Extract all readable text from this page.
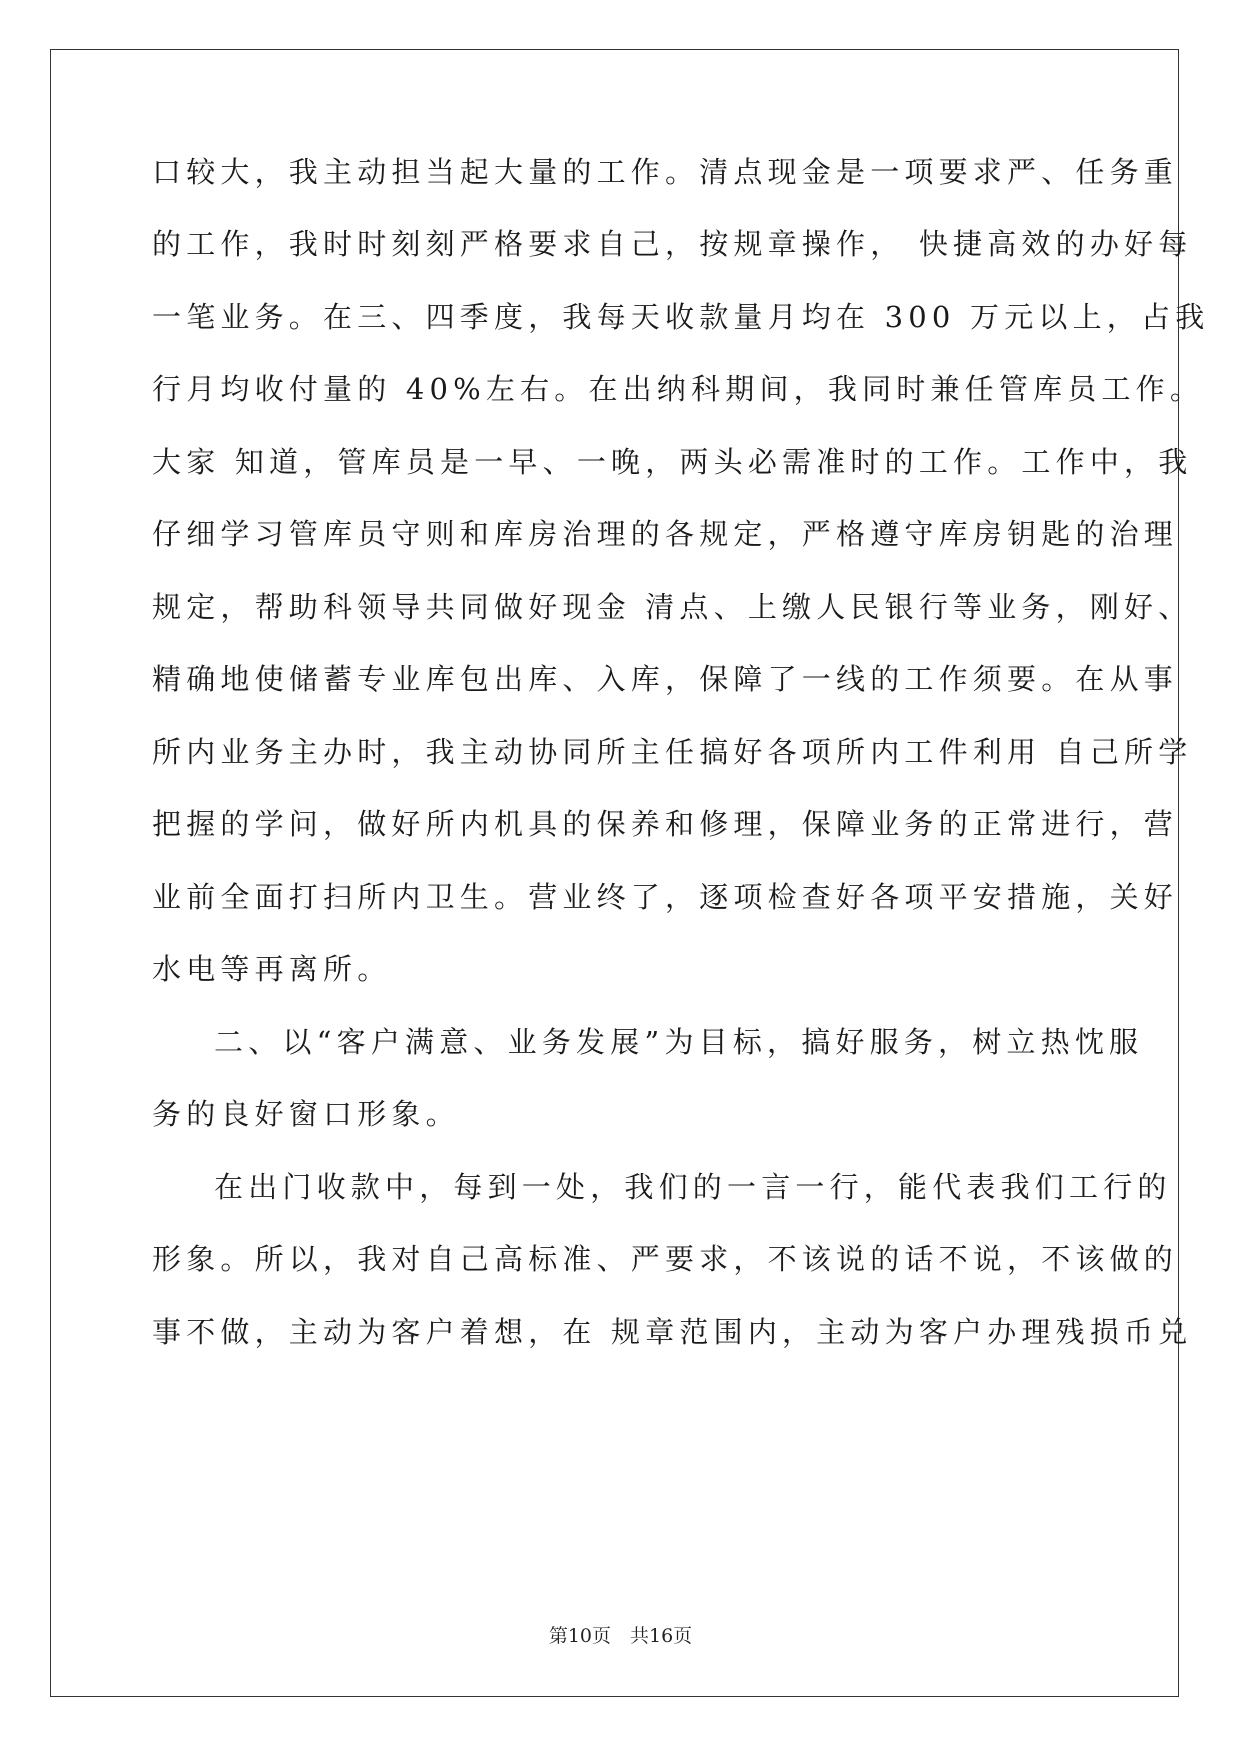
口较大，我主动担当起大量的工作。清点现金是一项要求严、任务重
的工作，我时时刻刻严格要求自己，按规章操作， 快捷高效的办好每
一笔业务。在三、四季度，我每天收款量月均在 300 万元以上，占我
行月均收付量的 40%左右。在出纳科期间，我同时兼任管库员工作。
大家 知道，管库员是一早、一晚，两头必需准时的工作。工作中，我
仔细学习管库员守则和库房治理的各规定，严格遵守库房钥匙的治理
规定，帮助科领导共同做好现金 清点、上缴人民银行等业务，刚好、
精确地使储蓄专业库包出库、入库，保障了一线的工作须要。在从事
所内业务主办时，我主动协同所主任搞好各项所内工件利用 自己所学
把握的学问，做好所内机具的保养和修理，保障业务的正常进行，营
业前全面打扫所内卫生。营业终了，逐项检查好各项平安措施，关好
水电等再离所。
二、以“客户满意、业务发展”为目标，搞好服务，树立热忱服
务的良好窗口形象。
在出门收款中，每到一处，我们的一言一行，能代表我们工行的
形象。所以，我对自己高标准、严要求，不该说的话不说，不该做的
事不做，主动为客户着想，在 规章范围内，主动为客户办理残损币兑
第10页　共16页
